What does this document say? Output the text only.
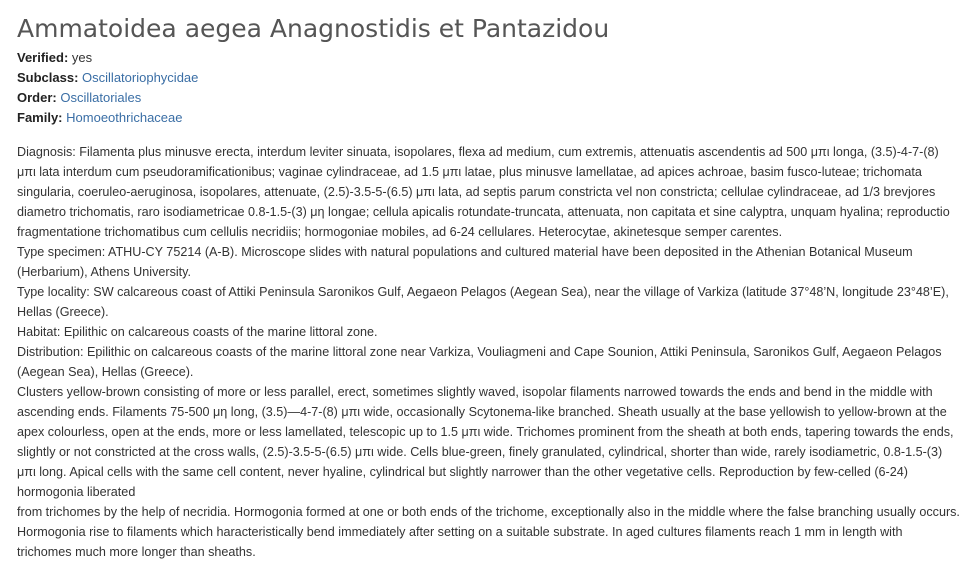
Ammatoidea aegea Anagnostidis et Pantazidou
Verified: yes
Subclass: Oscillatoriophycidae
Order: Oscillatoriales
Family: Homoeothrichaceae

Diagnosis: Filamenta plus minusve erecta, interdum leviter sinuata, isopolares, flexa ad medium, cum extremis, attenuatis ascendentis ad 500 μπι longa, (3.5)-4-7-(8) μπι lata interdum cum pseudoramificationibus; vaginae cylindraceae, ad 1.5 μπι latae, plus minusve lamellatae, ad apices achroae, basim fusco-luteae; trichomata singularia, coeruleo-aeruginosa, isopolares, attenuate, (2.5)-3.5-5-(6.5) μπι lata, ad septis parum constricta vel non constricta; cellulae cylindraceae, ad 1/3 brevjores diametro trichomatis, raro isodiametricae 0.8-1.5-(3) μη longae; cellula apicalis rotundate-truncata, attenuata, non capitata et sine calyptra, unquam hyalina; reproductio fragmentatione trichomatibus cum cellulis necridiis; hormogoniae mobiles, ad 6-24 cellulares. Heterocytae, akinetesque semper carentes.

Type specimen: ATHU-CY 75214 (A-B). Microscope slides with natural populations and cultured material have been deposited in the Athenian Botanical Museum (Herbarium), Athens University.

Type locality: SW calcareous coast of Attiki Peninsula Saronikos Gulf, Aegaeon Pelagos (Aegean Sea), near the village of Varkiza (latitude 37°48’N, longitude 23°48’E), Hellas (Greece).

Habitat: Epilithic on calcareous coasts of the marine littoral zone.

Distribution: Epilithic on calcareous coasts of the marine littoral zone near Varkiza, Vouliagmeni and Cape Sounion, Attiki Peninsula, Saronikos Gulf, Aegaeon Pelagos (Aegean Sea), Hellas (Greece).

Clusters yellow-brown consisting of more or less parallel, erect, sometimes slightly waved, isopolar filaments narrowed towards the ends and bend in the middle with ascending ends. Filaments 75-500 μη long, (3.5)—4-7-(8) μπι wide, occasionally Scytonema-like branched. Sheath usually at the base yellowish to yellow-brown at the apex colourless, open at the ends, more or less lamellated, telescopic up to 1.5 μπι wide. Trichomes prominent from the sheath at both ends, tapering towards the ends, slightly or not constricted at the cross walls, (2.5)-3.5-5-(6.5) μπι wide. Cells blue-green, finely granulated, cylindrical, shorter than wide, rarely isodiametric, 0.8-1.5-(3) μπι long. Apical cells with the same cell content, never hyaline, cylindrical but slightly narrower than the other vegetative cells. Reproduction by few-celled (6-24) hormogonia liberated

from trichomes by the help of necridia. Hormogonia formed at one or both ends of the trichome, exceptionally also in the middle where the false branching usually occurs. Hormogonia rise to filaments which haracteristically bend immediately after setting on a suitable substrate. In aged cultures filaments reach 1 mm in length with trichomes much more longer than sheaths.
